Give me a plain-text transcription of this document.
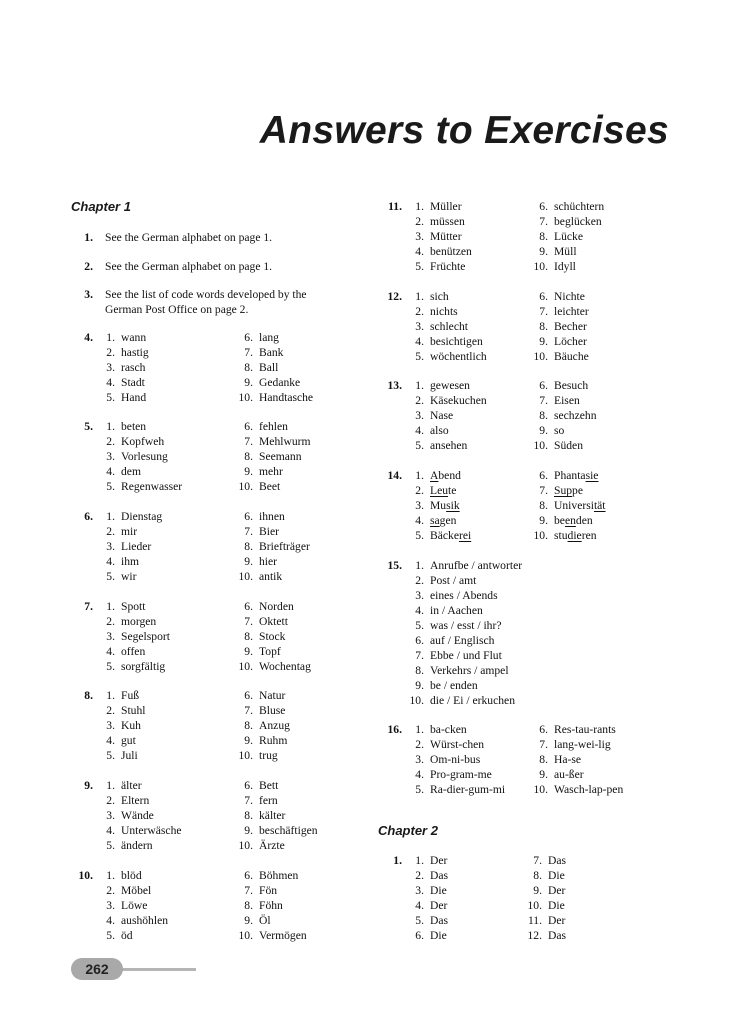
Answers to Exercises
Chapter 1
1. See the German alphabet on page 1.
2. See the German alphabet on page 1.
3. See the list of code words developed by the
German Post Office on page 2.
4.	1. wann
2. hastig
3. rasch
4. Stadt
5. Hand
6. lang
7. Bank
8. Ball
9. Gedanke
10. Handtasche
5.	1. beten
2. Kopfweh
3. Vorlesung
4. dem
5. Regenwasser
6. fehlen
7. Mehlwurm
8. Seemann
9. mehr
10. Beet
6.	1. Dienstag
2. mir
3. Lieder
4. ihm
5. wir
6. ihnen
7. Bier
8. Briefträger
9. hier
10. antik
7.	1. Spott
2. morgen
3. Segelsport
4. offen
5. sorgfältig
6. Norden
7. Oktett
8. Stock
9. Topf
10. Wochentag
8.	1. Fuß
2. Stuhl
3. Kuh
4. gut
5. Juli
6. Natur
7. Bluse
8. Anzug
9. Ruhm
10. trug
9.	1. älter
2. Eltern
3. Wände
4. Unterwäsche
5. ändern
6. Bett
7. fern
8. kälter
9. beschäftigen
10. Ärzte
10.	1. blöd
2. Möbel
3. Löwe
4. aushöhlen
5. öd
6. Böhmen
7. Fön
8. Föhn
9. Öl
10. Vermögen
11.	1. Müller
2. müssen
3. Mütter
4. benützen
5. Früchte
6. schüchtern
7. beglücken
8. Lücke
9. Müll
10. Idyll
12.	1. sich
2. nichts
3. schlecht
4. besichtigen
5. wöchentlich
6. Nichte
7. leichter
8. Becher
9. Löcher
10. Bäuche
13.	1. gewesen
2. Käsekuchen
3. Nase
4. also
5. ansehen
6. Besuch
7. Eisen
8. sechzehn
9. so
10. Süden
14.	1. Abend
2. Leute
3. Musik
4. sagen
5. Bäckerei
6. Phantasie
7. Suppe
8. Universität
9. beenden
10. studieren
15.	1. Anrufbe / antworter
2. Post / amt
3. eines / Abends
4. in / Aachen
5. was / esst / ihr?
6. auf / Englisch
7. Ebbe / und Flut
8. Verkehrs / ampel
9. be / enden
10. die / Ei / erkuchen
16.	1. ba-cken
2. Würst-chen
3. Om-ni-bus
4. Pro-gram-me
5. Ra-dier-gum-mi
6. Res-tau-rants
7. lang-wei-lig
8. Ha-se
9. au-ßer
10. Wasch-lap-pen
Chapter 2
1.	1. Der
2. Das
3. Die
4. Der
5. Das
6. Die
7. Das
8. Die
9. Der
10. Die
11. Der
12. Das
262
